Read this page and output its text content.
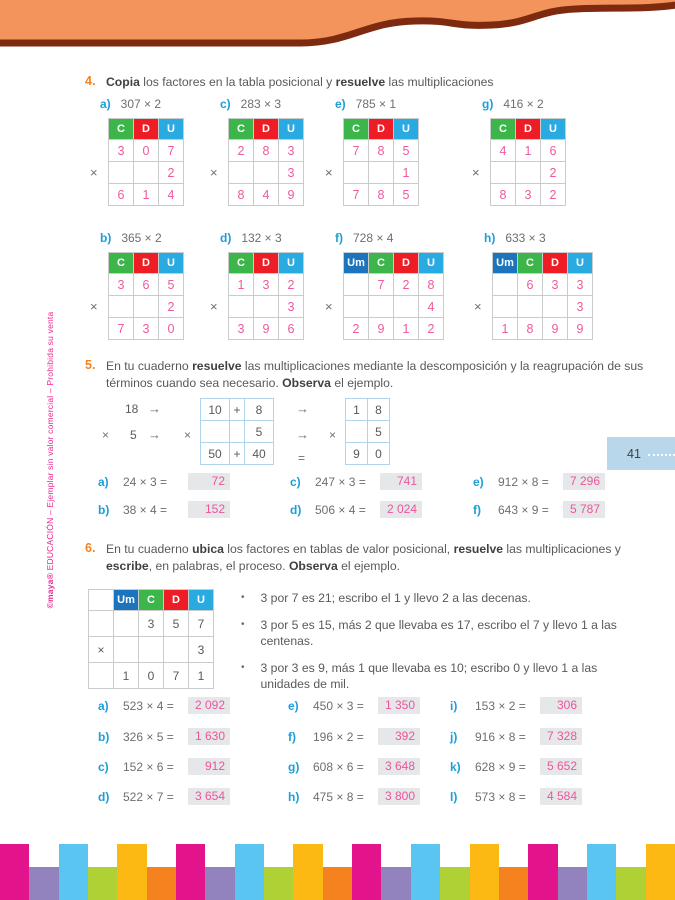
©maya® EDUCACIÓN – Ejemplar sin valor comercial – Prohibida su venta	41
4. Copia los factores en la tabla posicional y resuelve las multiplicaciones

a) 307 × 2
×
C	D	U
3	0	7
		2
6	1	4
c) 283 × 3
×
C	D	U
2	8	3
		3
8	4	9
e) 785 × 1
×
C	D	U
7	8	5
		1
7	8	5
g) 416 × 2
×
C	D	U
4	1	6
		2
8	3	2
b) 365 × 2
×
C	D	U
3	6	5
		2
7	3	0
d) 132 × 3
×
C	D	U
1	3	2
		3
3	9	6
f) 728 × 4
×
Um	C	D	U
	7	2	8
			4
2	9	1	2
h) 633 × 3
×
Um	C	D	U
	6	3	3
			3
1	8	9	9
5. En tu cuaderno resuelve las multiplicaciones mediante la descomposición y la reagrupación de sus términos cuando sea necesario. Observa el ejemplo.

18
× 5
→
→ ×
10	+	8
		5
50	+	40
→
→
=
×
1	8
	5
9	0
a)	24 × 3 =	72	c)	247 × 3 =	741	e)	912 × 8 =	7 296
b)	38 × 4 =	152	d)	506 × 4 =	2 024	f)	643 × 9 =	5 787
6. En tu cuaderno ubica los factores en tablas de valor posicional, resuelve las multiplicaciones y escribe, en palabras, el proceso. Observa el ejemplo.

	Um	C	D	U
		3	5	7
×				3
	1	0	7	1
• 3 por 7 es 21; escribo el 1 y llevo 2 a las decenas.
• 3 por 5 es 15, más 2 que llevaba es 17, escribo el 7 y llevo 1 a las centenas.
• 3 por 3 es 9, más 1 que llevaba es 10; escribo 0 y llevo 1 a las unidades de mil.
a)	523 × 4 =	2 092	e)	450 × 3 =	1 350	i)	153 × 2 =	306
b)	326 × 5 =	1 630	f)	196 × 2 =	392	j)	916 × 8 =	7 328
c)	152 × 6 =	912	g)	608 × 6 =	3 648	k)	628 × 9 =	5 652
d)	522 × 7 =	3 654	h)	475 × 8 =	3 800	l)	573 × 8 =	4 584
